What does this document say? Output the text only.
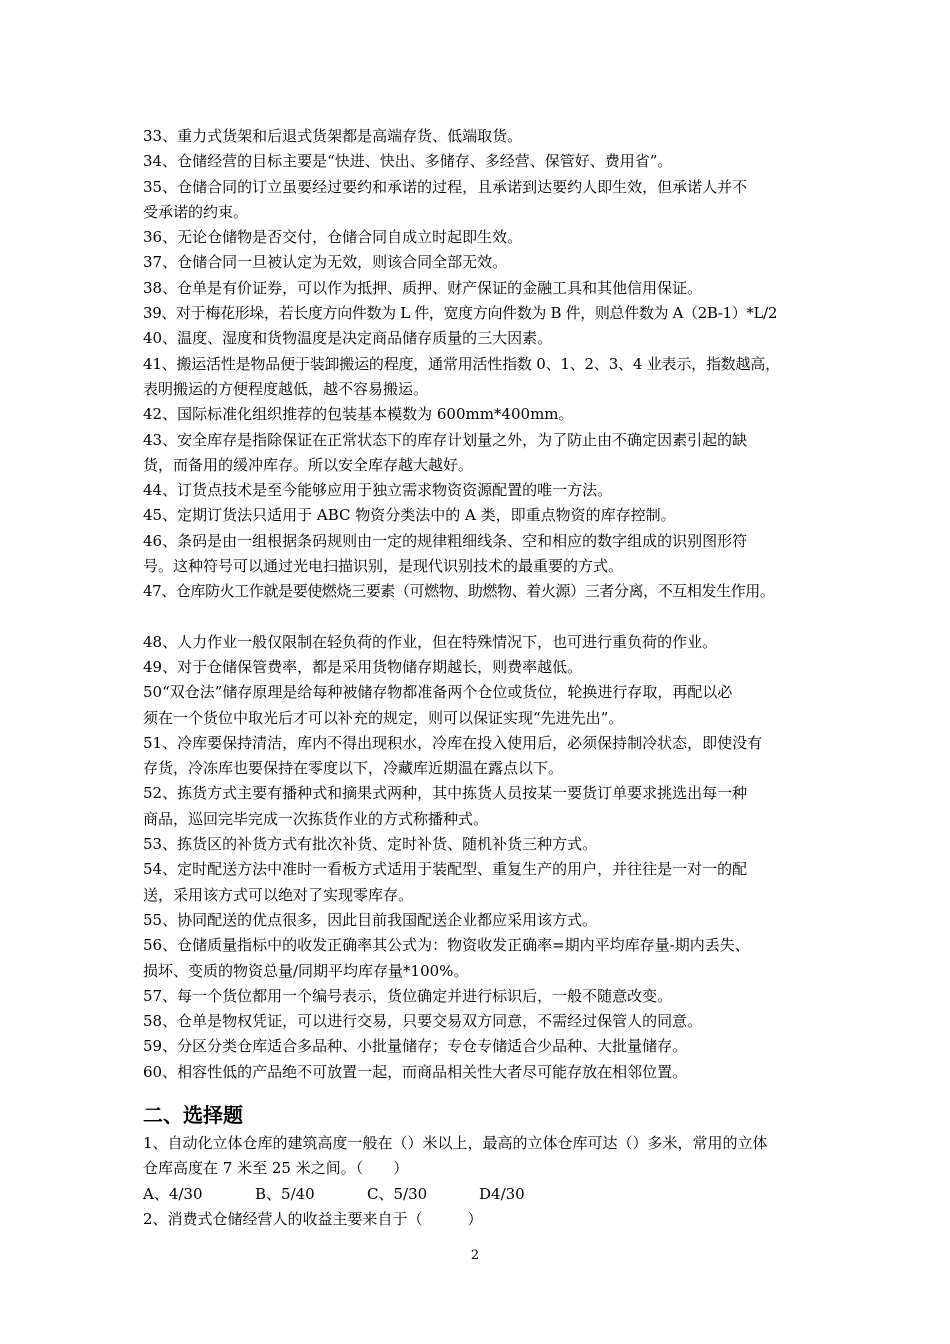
33、重力式货架和后退式货架都是高端存货、低端取货。
34、仓储经营的目标主要是“快进、快出、多储存、多经营、保管好、费用省”。
35、仓储合同的订立虽要经过要约和承诺的过程，且承诺到达要约人即生效，但承诺人并不
受承诺的约束。
36、无论仓储物是否交付，仓储合同自成立时起即生效。
37、仓储合同一旦被认定为无效，则该合同全部无效。
38、仓单是有价证券，可以作为抵押、质押、财产保证的金融工具和其他信用保证。
39、对于梅花形垛，若长度方向件数为 L 件，宽度方向件数为 B 件，则总件数为 A（2B-1）*L/2
40、温度、湿度和货物温度是决定商品储存质量的三大因素。
41、搬运活性是物品便于装卸搬运的程度，通常用活性指数 0、1、2、3、4 业表示，指数越高，
表明搬运的方便程度越低，越不容易搬运。
42、国际标准化组织推荐的包装基本模数为 600mm*400mm。
43、安全库存是指除保证在正常状态下的库存计划量之外，为了防止由不确定因素引起的缺
货，而备用的缓冲库存。所以安全库存越大越好。
44、订货点技术是至今能够应用于独立需求物资资源配置的唯一方法。
45、定期订货法只适用于 ABC 物资分类法中的 A 类，即重点物资的库存控制。
46、条码是由一组根据条码规则由一定的规律粗细线条、空和相应的数字组成的识别图形符
号。这种符号可以通过光电扫描识别，是现代识别技术的最重要的方式。
47、仓库防火工作就是要使燃烧三要素（可燃物、助燃物、着火源）三者分离，不互相发生作用。
48、人力作业一般仅限制在轻负荷的作业，但在特殊情况下，也可进行重负荷的作业。
49、对于仓储保管费率，都是采用货物储存期越长，则费率越低。
50“双仓法”储存原理是给每种被储存物都准备两个仓位或货位，轮换进行存取，再配以必
须在一个货位中取光后才可以补充的规定，则可以保证实现“先进先出”。
51、冷库要保持清洁，库内不得出现积水，冷库在投入使用后，必须保持制冷状态，即使没有
存货，冷冻库也要保持在零度以下，冷藏库近期温在露点以下。
52、拣货方式主要有播种式和摘果式两种，其中拣货人员按某一要货订单要求挑选出每一种
商品，巡回完毕完成一次拣货作业的方式称播种式。
53、拣货区的补货方式有批次补货、定时补货、随机补货三种方式。
54、定时配送方法中准时一看板方式适用于装配型、重复生产的用户，并往往是一对一的配
送，采用该方式可以绝对了实现零库存。
55、协同配送的优点很多，因此目前我国配送企业都应采用该方式。
56、仓储质量指标中的收发正确率其公式为：物资收发正确率=期内平均库存量-期内丢失、
损坏、变质的物资总量/同期平均库存量*100%。
57、每一个货位都用一个编号表示，货位确定并进行标识后，一般不随意改变。
58、仓单是物权凭证，可以进行交易，只要交易双方同意，不需经过保管人的同意。
59、分区分类仓库适合多品种、小批量储存；专仓专储适合少品种、大批量储存。
60、相容性低的产品绝不可放置一起，而商品相关性大者尽可能存放在相邻位置。
二、选择题
1、自动化立体仓库的建筑高度一般在（）米以上，最高的立体仓库可达（）多米，常用的立体
仓库高度在 7 米至 25 米之间。（　　）
A、4/30	B、5/40	C、5/30	D4/30
2、消费式仓储经营人的收益主要来自于（　　　）
2
